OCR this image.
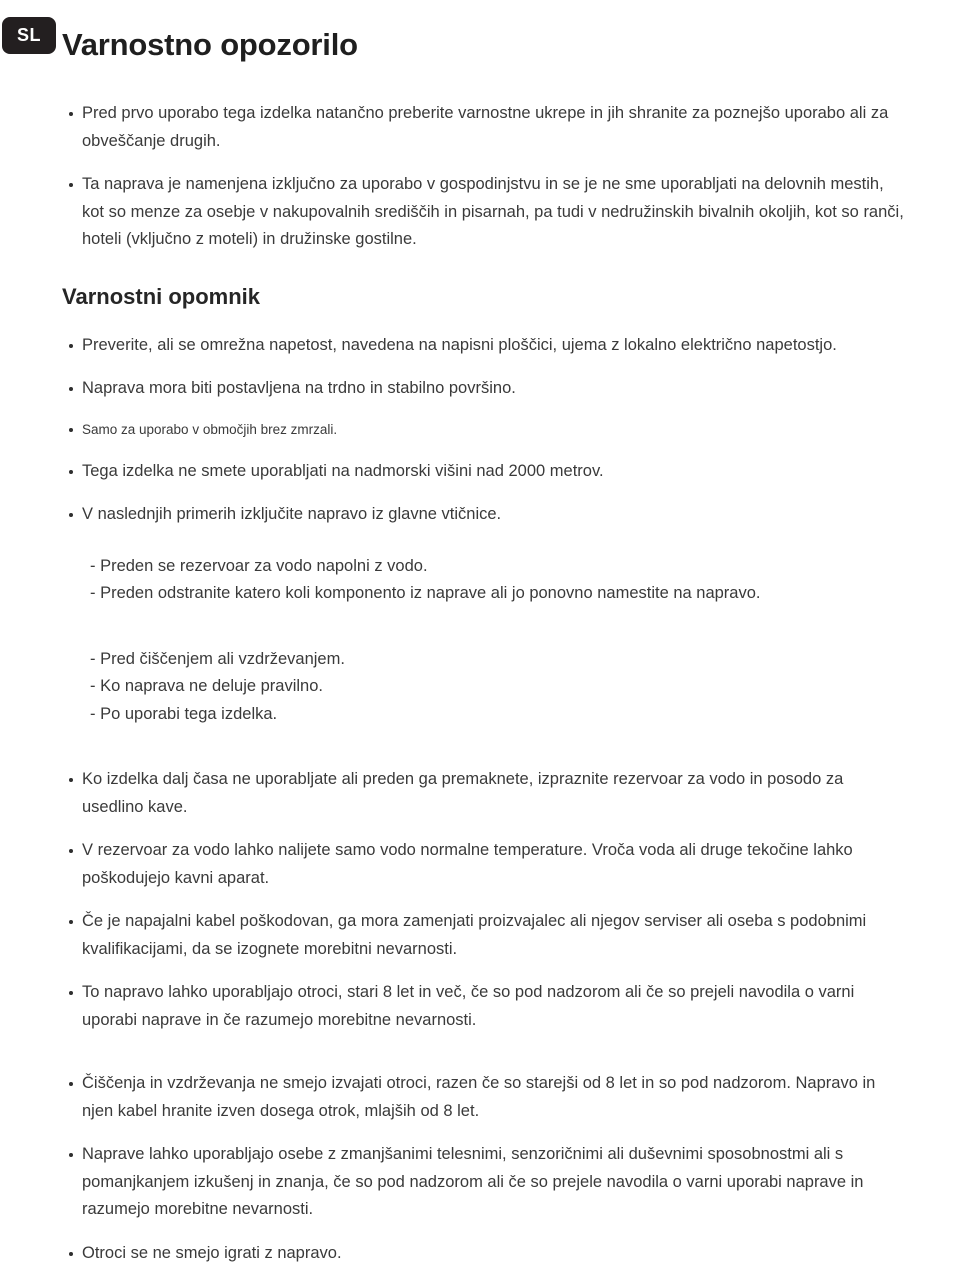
SL Varnostno opozorilo
Pred prvo uporabo tega izdelka natančno preberite varnostne ukrepe in jih shranite za poznejšo uporabo ali za obveščanje drugih.
Ta naprava je namenjena izključno za uporabo v gospodinjstvu in se je ne sme uporabljati na delovnih mestih, kot so menze za osebje v nakupovalnih središčih in pisarnah, pa tudi v nedružinskih bivalnih okoljih, kot so ranči, hoteli (vključno z moteli) in družinske gostilne.
Varnostni opomnik
Preverite, ali se omrežna napetost, navedena na napisni ploščici, ujema z lokalno električno napetostjo.
Naprava mora biti postavljena na trdno in stabilno površino.
Samo za uporabo v območjih brez zmrzali.
Tega izdelka ne smete uporabljati na nadmorski višini nad 2000 metrov.
V naslednjih primerih izključite napravo iz glavne vtičnice.
- Preden se rezervoar za vodo napolni z vodo.
- Preden odstranite katero koli komponento iz naprave ali jo ponovno namestite na napravo.
- Pred čiščenjem ali vzdrževanjem.
- Ko naprava ne deluje pravilno.
- Po uporabi tega izdelka.
Ko izdelka dalj časa ne uporabljate ali preden ga premaknete, izpraznite rezervoar za vodo in posodo za usedlino kave.
V rezervoar za vodo lahko nalijete samo vodo normalne temperature. Vroča voda ali druge tekočine lahko poškodujejo kavni aparat.
Če je napajalni kabel poškodovan, ga mora zamenjati proizvajalec ali njegov serviser ali oseba s podobnimi kvalifikacijami, da se izognete morebitni nevarnosti.
To napravo lahko uporabljajo otroci, stari 8 let in več, če so pod nadzorom ali če so prejeli navodila o varni uporabi naprave in če razumejo morebitne nevarnosti.
Čiščenja in vzdrževanja ne smejo izvajati otroci, razen če so starejši od 8 let in so pod nadzorom. Napravo in njen kabel hranite izven dosega otrok, mlajših od 8 let.
Naprave lahko uporabljajo osebe z zmanjšanimi telesnimi, senzoričnimi ali duševnimi sposobnostmi ali s pomanjkanjem izkušenj in znanja, če so pod nadzorom ali če so prejele navodila o varni uporabi naprave in razumejo morebitne nevarnosti.
Otroci se ne smejo igrati z napravo.
